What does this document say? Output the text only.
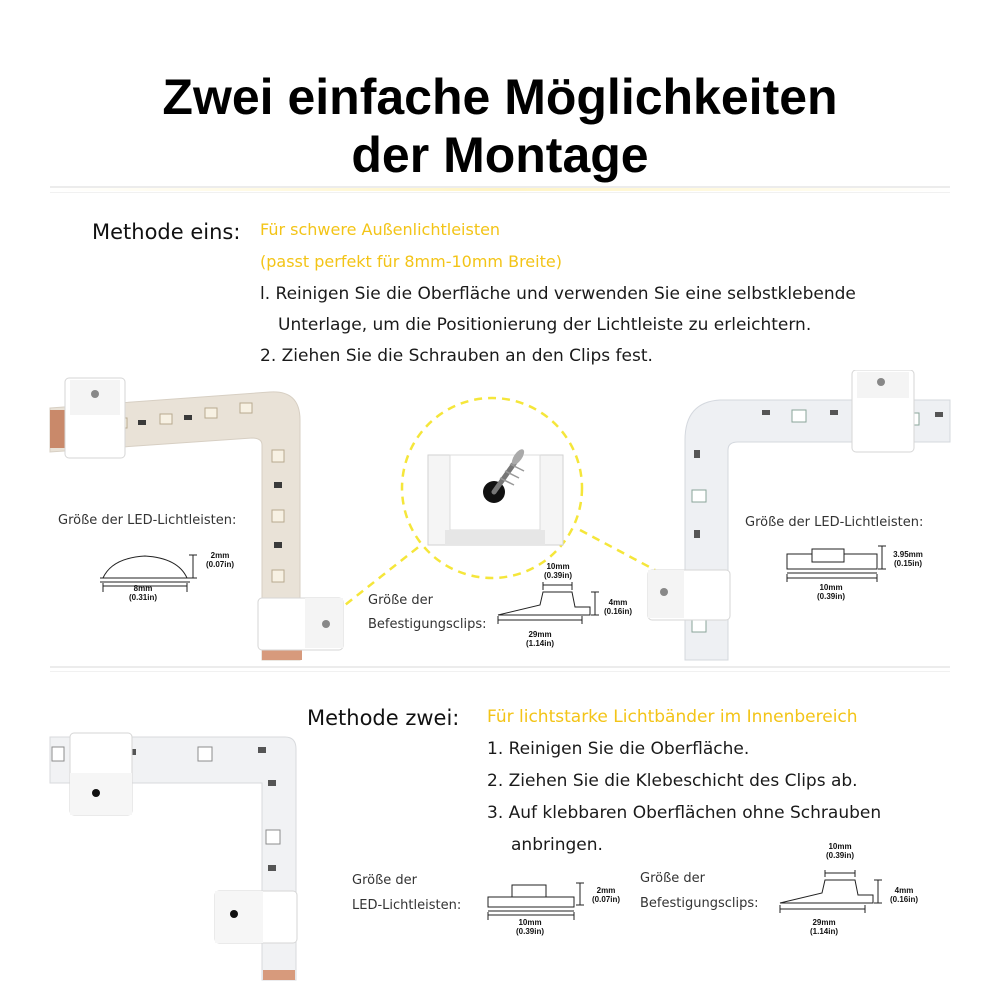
Zwei einfache Möglichkeiten
der Montage
Methode eins: Für schwere Außenlichtleisten
(passt perfekt für 8mm-10mm Breite)
l. Reinigen Sie die Oberfläche und verwenden Sie eine selbstklebende
Unterlage, um die Positionierung der Lichtleiste zu erleichtern.
2. Ziehen Sie die Schrauben an den Clips fest.
Größe der LED-Lichtleisten:
2mm
(0.07in)
8mm
(0.31in)	Größe der
Befestigungsclips:
10mm
(0.39in)
4mm
(0.16in)
29mm
(1.14in)
Größe der LED-Lichtleisten:
3.95mm
(0.15in)
10mm
(0.39in)
Methode zwei: Für lichtstarke Lichtbänder im Innenbereich
1. Reinigen Sie die Oberfläche.
2. Ziehen Sie die Klebeschicht des Clips ab.
3. Auf klebbaren Oberflächen ohne Schrauben
anbringen.
Größe der
LED-Lichtleisten:
2mm
(0.07in)
10mm
(0.39in)
Größe der
Befestigungsclips:
10mm
(0.39in)
4mm
(0.16in)
29mm
(1.14in)
